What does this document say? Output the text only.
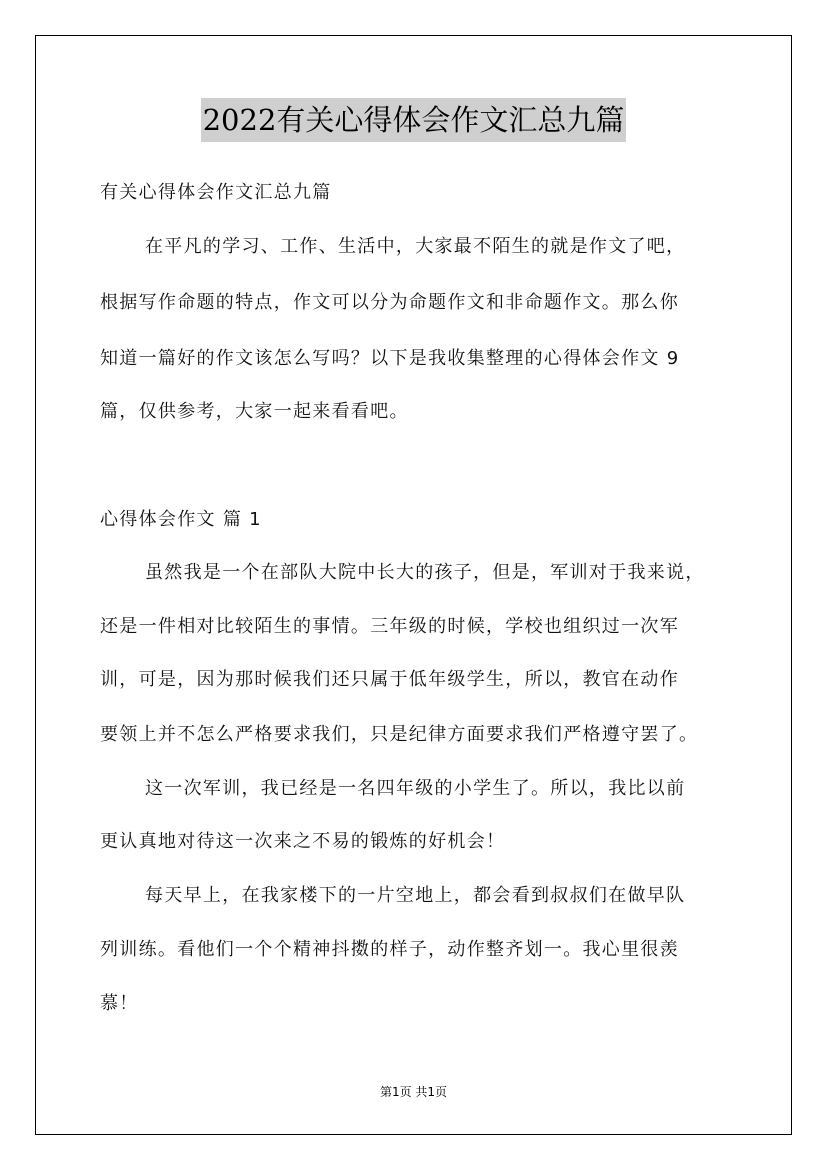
2022有关心得体会作文汇总九篇
有关心得体会作文汇总九篇
在平凡的学习、工作、生活中，大家最不陌生的就是作文了吧，
根据写作命题的特点，作文可以分为命题作文和非命题作文。那么你
知道一篇好的作文该怎么写吗？以下是我收集整理的心得体会作文 9
篇，仅供参考，大家一起来看看吧。
心得体会作文 篇 1
虽然我是一个在部队大院中长大的孩子，但是，军训对于我来说，
还是一件相对比较陌生的事情。三年级的时候，学校也组织过一次军
训，可是，因为那时候我们还只属于低年级学生，所以，教官在动作
要领上并不怎么严格要求我们，只是纪律方面要求我们严格遵守罢了。
这一次军训，我已经是一名四年级的小学生了。所以，我比以前
更认真地对待这一次来之不易的锻炼的好机会！
每天早上，在我家楼下的一片空地上，都会看到叔叔们在做早队
列训练。看他们一个个精神抖擞的样子，动作整齐划一。我心里很羡
慕！
第1页 共1页
